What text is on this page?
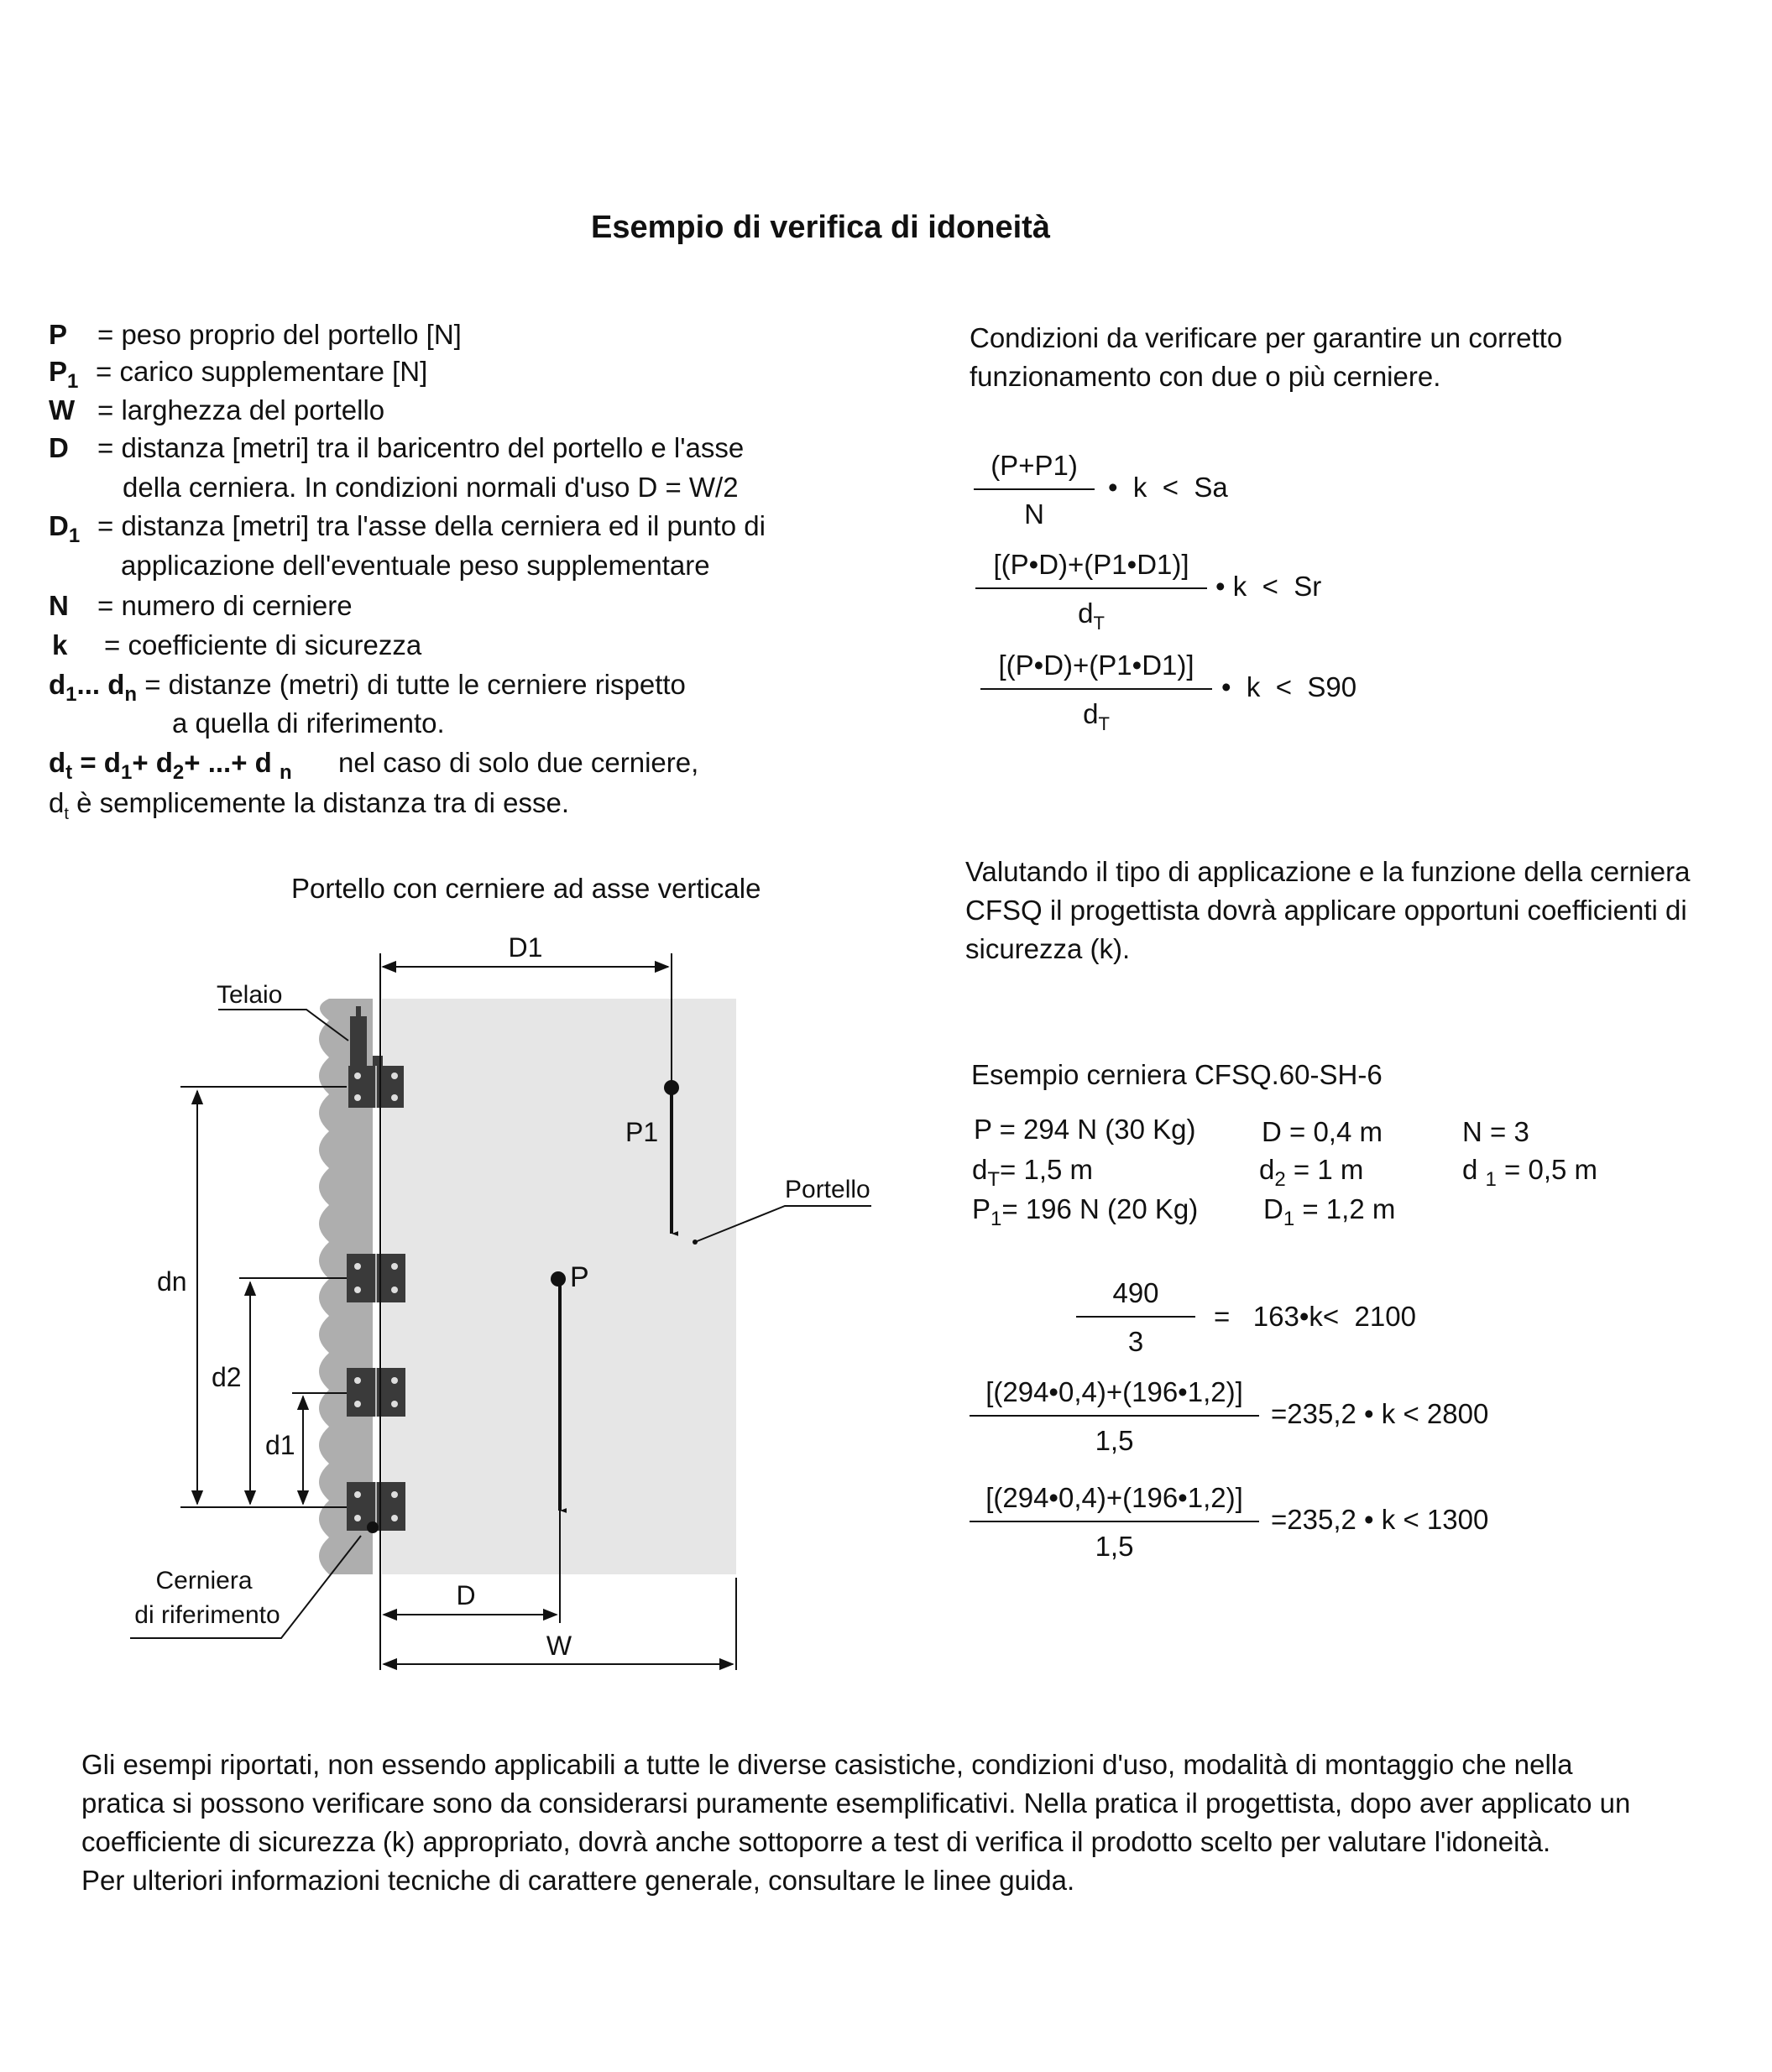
Esempio di verifica di idoneità
P = peso proprio del portello [N]
$P_1$ = carico supplementare [N]
W = larghezza del portello
D = distanza [metri] tra il baricentro del portello e l'asse
della cerniera. In condizioni normali d'uso D = W/2
$D_1$ = distanza [metri] tra l'asse della cerniera ed il punto di
applicazione dell'eventuale peso supplementare
N = numero di cerniere
k = coefficiente di sicurezza
$d_1$... $d_n$ = distanze (metri) di tutte le cerniere rispetto
a quella di riferimento.
$d_t = d_1+ d_2+$ ...+ d $_n$ nel caso di solo due cerniere,
$d_t$ è semplicemente la distanza tra di esse.
Condizioni da verificare per garantire un corretto
funzionamento con due o più cerniere.
$\frac{(P+P1)}{N}$ • k < Sa
$\frac{[(P•D)+(P1•D1)]}{d_T}$ • k < Sr
$\frac{[(P•D)+(P1•D1)]}{d_T}$ • k < S90
Valutando il tipo di applicazione e la funzione della cerniera
CFSQ il progettista dovrà applicare opportuni coefficienti di
sicurezza (k).
Esempio cerniera CFSQ.60-SH-6
P = 294 N (30 Kg) D = 0,4 m	N = 3
$d_T= 1,5$ m	$d_2 = 1$ m	d $_1$ = 0,5 m
$P_1= 196$ N (20 Kg) $D_1 = 1,2$ m
$\frac{490}{3}$ = 163•k< 2100
$\frac{[(294•0,4)+(196•1,2)]}{1,5} =235,2$ • k < 2800
$\frac{[(294•0,4)+(196•1,2)]}{1,5} =235,2$ • k < 1300
Portello con cerniere ad asse verticale
D1
Telaio
P1
Portello
P
dn
d2
d1
Cerniera
di riferimento
D
W
Gli esempi riportati, non essendo applicabili a tutte le diverse casistiche, condizioni d'uso, modalità di montaggio che nella
pratica si possono verificare sono da considerarsi puramente esemplificativi. Nella pratica il progettista, dopo aver applicato un
coefficiente di sicurezza (k) appropriato, dovrà anche sottoporre a test di verifica il prodotto scelto per valutare l'idoneità.
Per ulteriori informazioni tecniche di carattere generale, consultare le linee guida.
